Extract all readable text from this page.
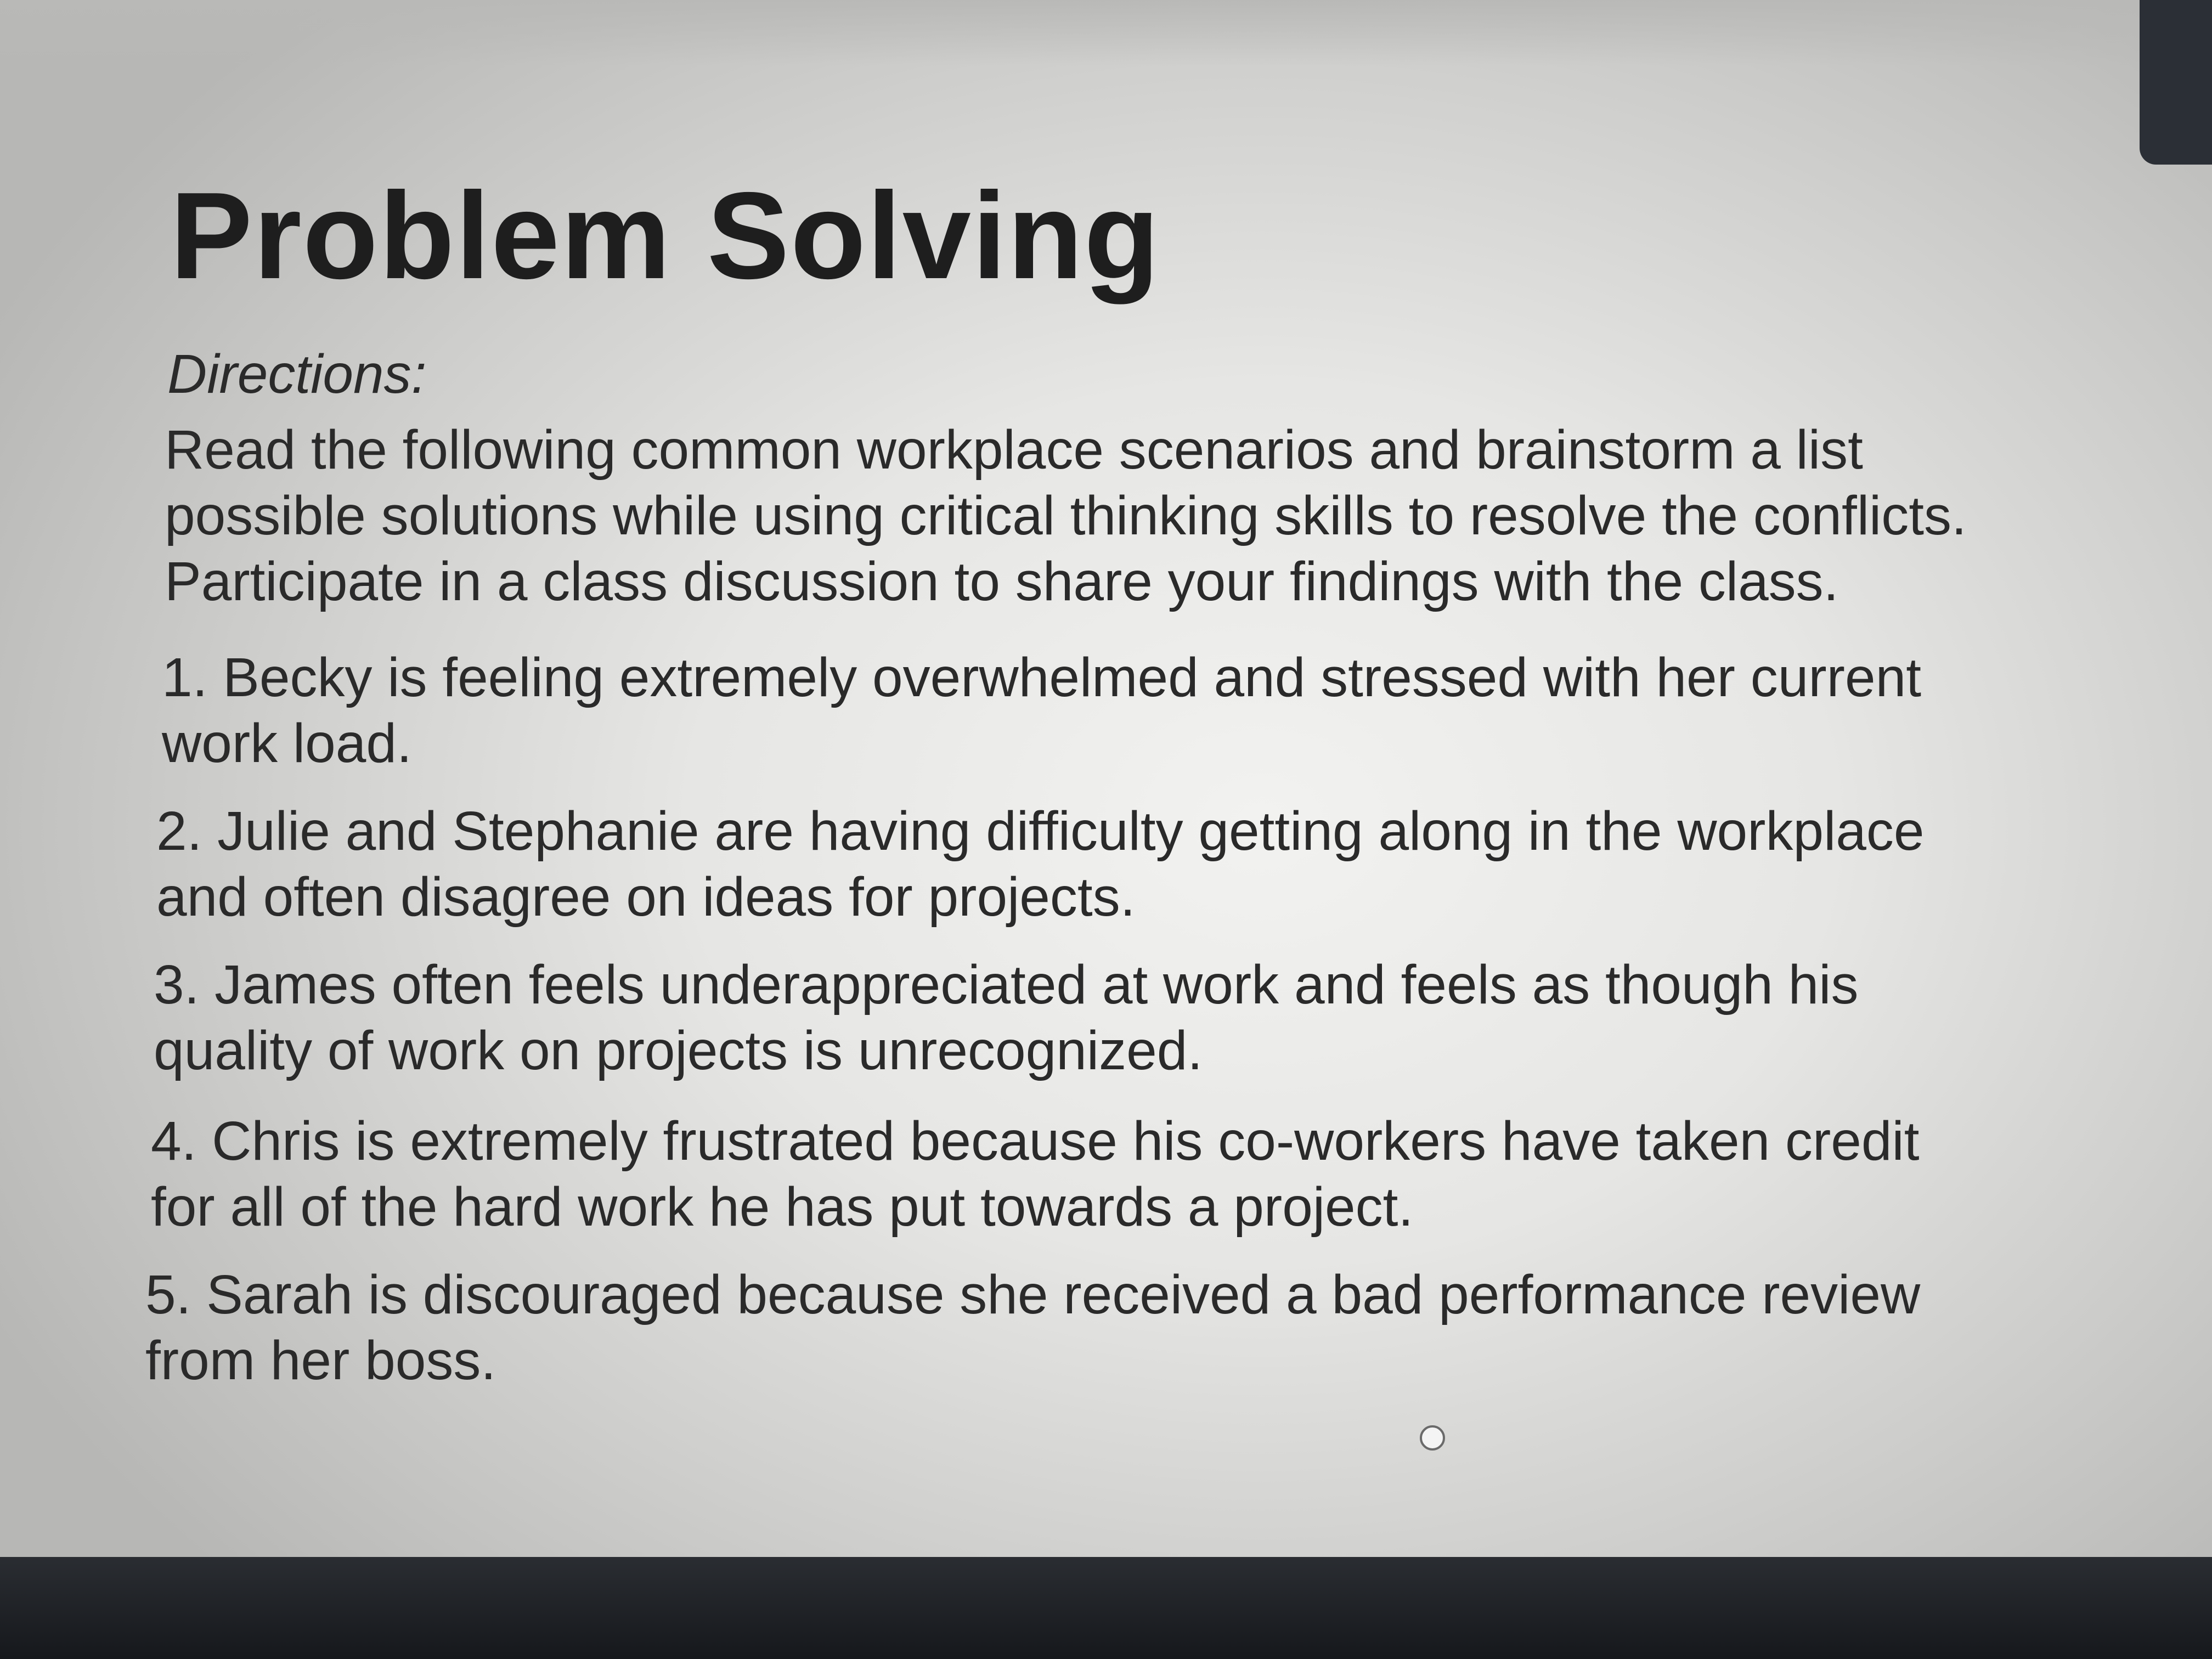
Problem Solving
Directions:
Read the following common workplace scenarios and brainstorm a list
possible solutions while using critical thinking skills to resolve the conflicts.
Participate in a class discussion to share your findings with the class.
1. Becky is feeling extremely overwhelmed and stressed with her current
work load.
2. Julie and Stephanie are having difficulty getting along in the workplace
and often disagree on ideas for projects.
3. James often feels underappreciated at work and feels as though his
quality of work on projects is unrecognized.
4. Chris is extremely frustrated because his co-workers have taken credit
for all of the hard work he has put towards a project.
5. Sarah is discouraged because she received a bad performance review
from her boss.
